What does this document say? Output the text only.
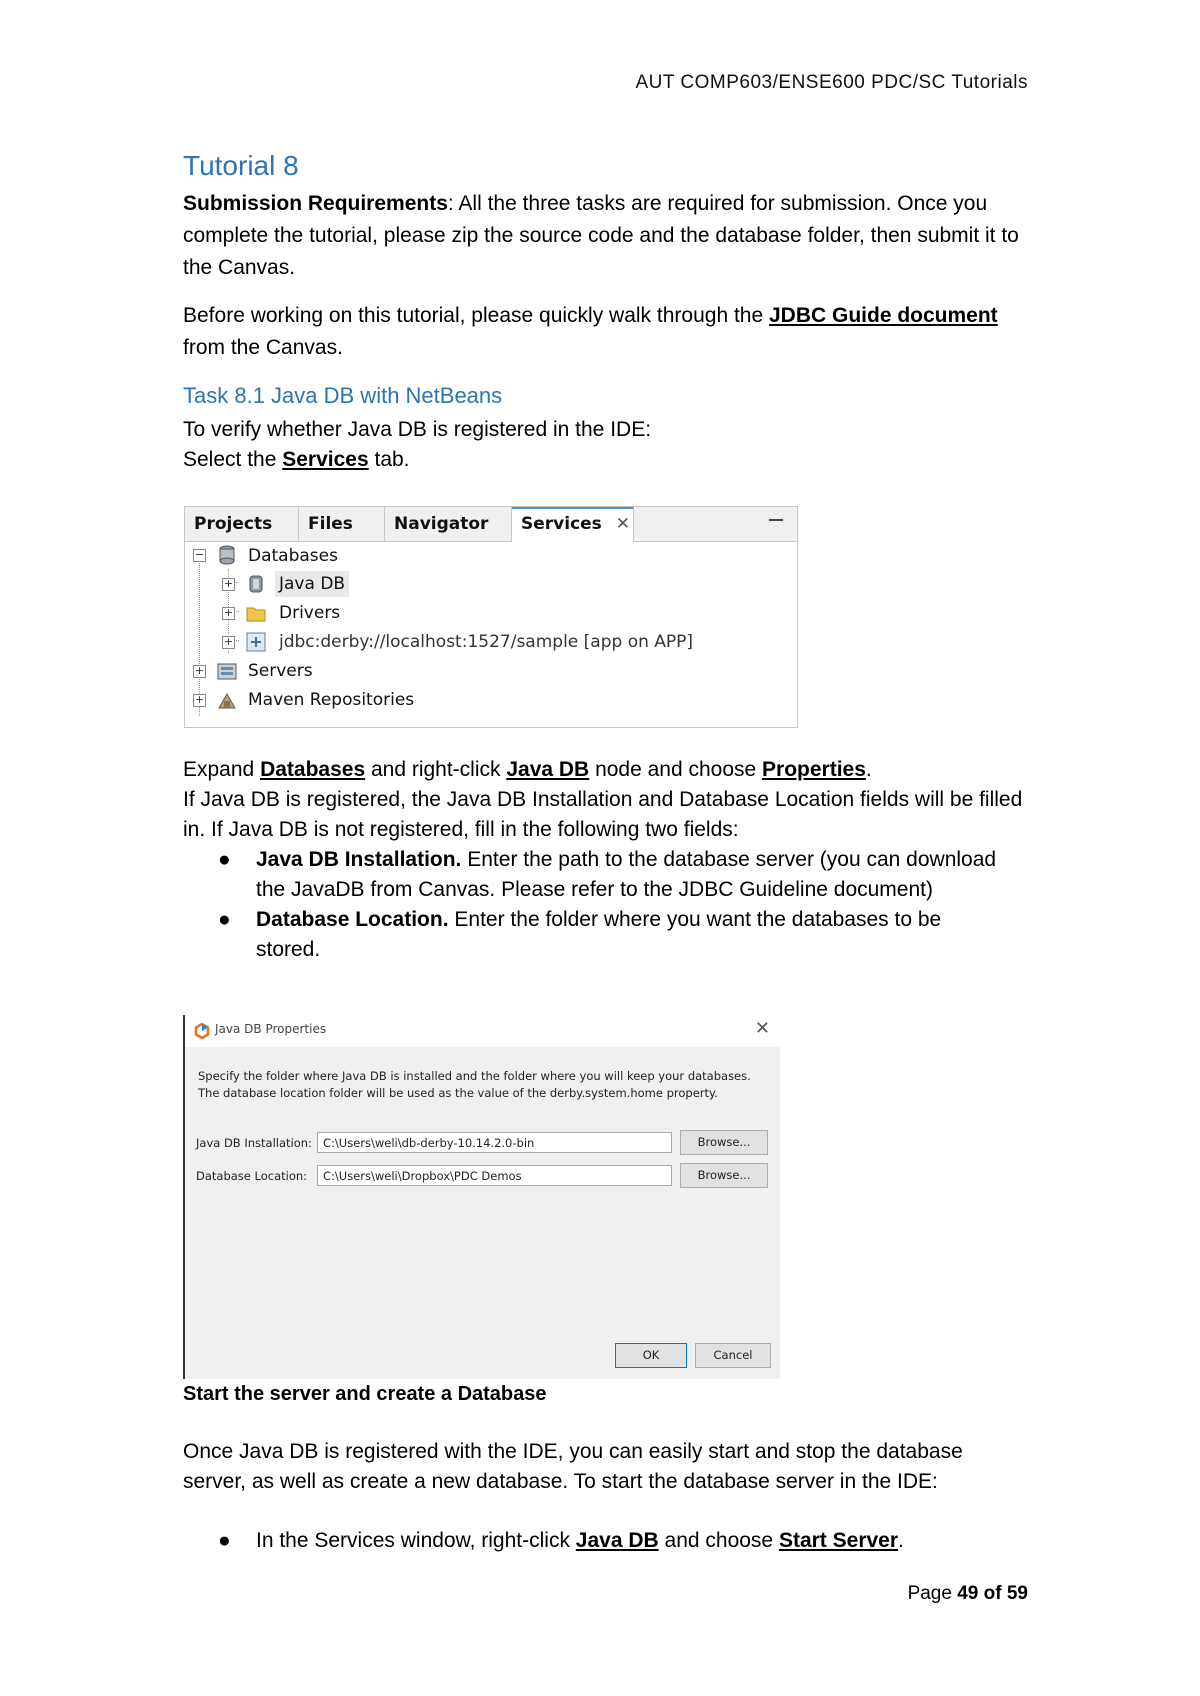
AUT COMP603/ENSE600 PDC/SC Tutorials
Tutorial 8
Submission Requirements: All the three tasks are required for submission. Once you complete the tutorial, please zip the source code and the database folder, then submit it to the Canvas.
Before working on this tutorial, please quickly walk through the JDBC Guide document from the Canvas.
Task 8.1 Java DB with NetBeans
To verify whether Java DB is registered in the IDE:
Select the Services tab.
Projects	Files	Navigator	Services ✕
−	Databases
+	Java DB
+	Drivers
+	jdbc:derby://localhost:1527/sample [app on APP]
+	Servers
+	Maven Repositories
Expand Databases and right-click Java DB node and choose Properties.
If Java DB is registered, the Java DB Installation and Database Location fields will be filled in. If Java DB is not registered, fill in the following two fields:
● Java DB Installation. Enter the path to the database server (you can download the JavaDB from Canvas. Please refer to the JDBC Guideline document)
● Database Location. Enter the folder where you want the databases to be stored.
Java DB Properties	✕
Specify the folder where Java DB is installed and the folder where you will keep your databases.
The database location folder will be used as the value of the derby.system.home property.
Java DB Installation: C:\Users\weli\db-derby-10.14.2.0-bin	Browse...
Database Location:	C:\Users\weli\Dropbox\PDC Demos	Browse...
OK	Cancel
Start the server and create a Database
Once Java DB is registered with the IDE, you can easily start and stop the database server, as well as create a new database. To start the database server in the IDE:
● In the Services window, right-click Java DB and choose Start Server.
Page 49 of 59
